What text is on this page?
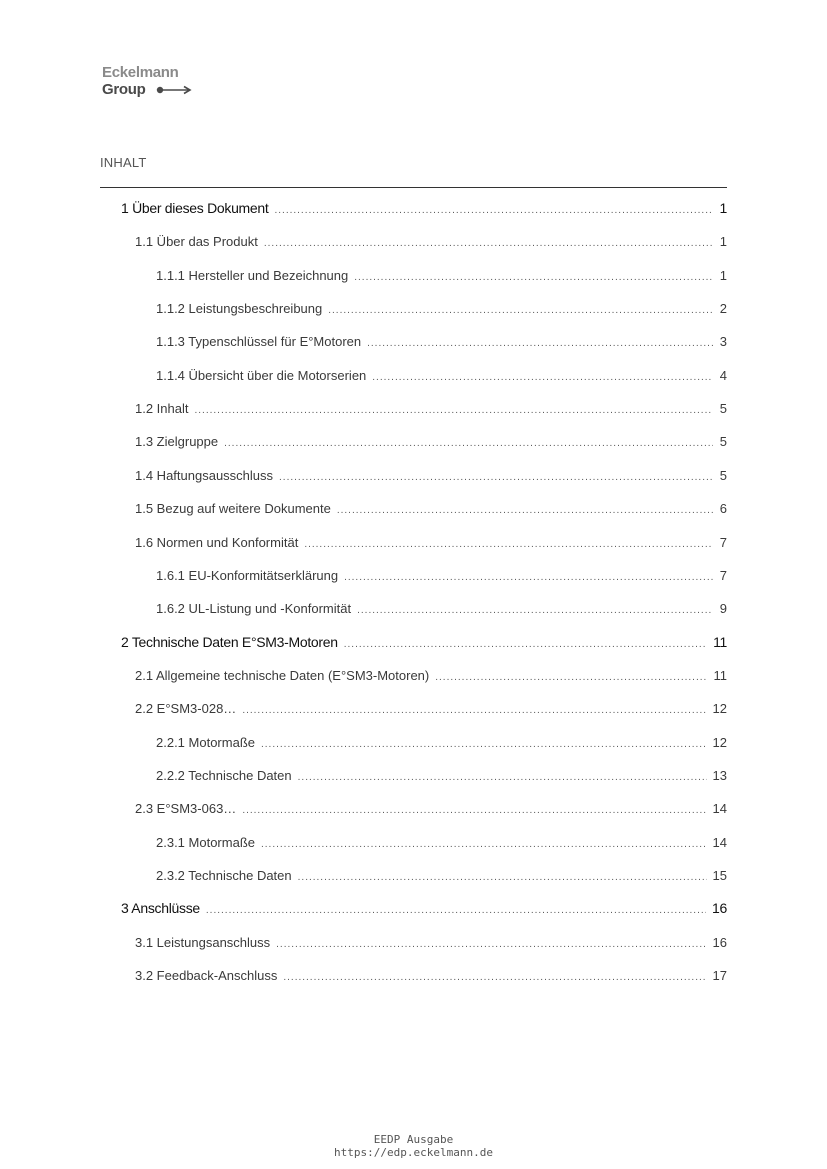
Eckelmann
Group
INHALT
1 Über dieses Dokument .....	1
1.1 Über das Produkt .....	1
1.1.1 Hersteller und Bezeichnung .....	1
1.1.2 Leistungsbeschreibung .....	2
1.1.3 Typenschlüssel für E°Motoren .....	3
1.1.4 Übersicht über die Motorserien .....	4
1.2 Inhalt .....	5
1.3 Zielgruppe .....	5
1.4 Haftungsausschluss .....	5
1.5 Bezug auf weitere Dokumente .....	6
1.6 Normen und Konformität .....	7
1.6.1 EU-Konformitätserklärung .....	7
1.6.2 UL-Listung und -Konformität .....	9
2 Technische Daten E°SM3-Motoren .....	11
2.1 Allgemeine technische Daten (E°SM3-Motoren) .....	11
2.2 E°SM3-028… .....	12
2.2.1 Motormaße .....	12
2.2.2 Technische Daten .....	13
2.3 E°SM3-063… .....	14
2.3.1 Motormaße .....	14
2.3.2 Technische Daten .....	15
3 Anschlüsse .....	16
3.1 Leistungsanschluss .....	16
3.2 Feedback-Anschluss .....	17
EEDP Ausgabe
https://edp.eckelmann.de
